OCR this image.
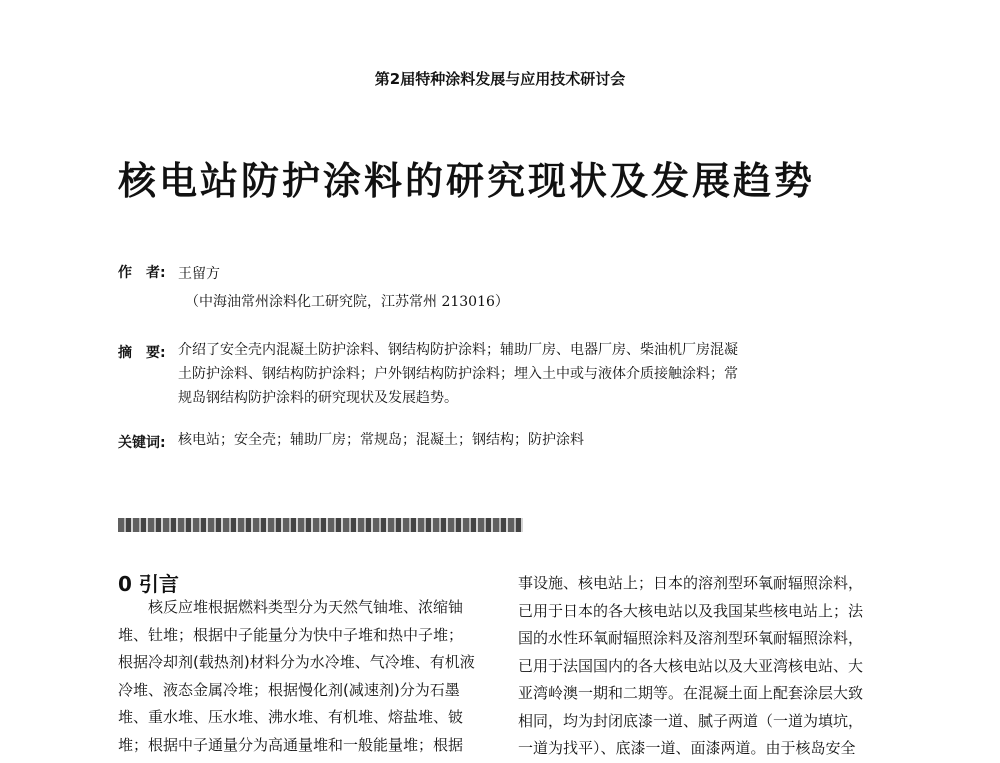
第2届特种涂料发展与应用技术研讨会
核电站防护涂料的研究现状及发展趋势
作　者: 王留方
（中海油常州涂料化工研究院，江苏常州 213016）
摘　要: 介绍了安全壳内混凝土防护涂料、钢结构防护涂料；辅助厂房、电器厂房、柴油机厂房混凝
土防护涂料、钢结构防护涂料；户外钢结构防护涂料；埋入土中或与液体介质接触涂料；常
规岛钢结构防护涂料的研究现状及发展趋势。
关键词: 核电站；安全壳；辅助厂房；常规岛；混凝土；钢结构；防护涂料
0 引言
　　核反应堆根据燃料类型分为天然气铀堆、浓缩铀
堆、钍堆；根据中子能量分为快中子堆和热中子堆；
根据冷却剂(载热剂)材料分为水冷堆、气冷堆、有机液
冷堆、液态金属冷堆；根据慢化剂(减速剂)分为石墨
堆、重水堆、压水堆、沸水堆、有机堆、熔盐堆、铍
堆；根据中子通量分为高通量堆和一般能量堆；根据
事设施、核电站上；日本的溶剂型环氧耐辐照涂料，
已用于日本的各大核电站以及我国某些核电站上；法
国的水性环氧耐辐照涂料及溶剂型环氧耐辐照涂料，
已用于法国国内的各大核电站以及大亚湾核电站、大
亚湾岭澳一期和二期等。在混凝土面上配套涂层大致
相同，均为封闭底漆一道、腻子两道（一道为填坑，
一道为找平）、底漆一道、面漆两道。由于核岛安全
